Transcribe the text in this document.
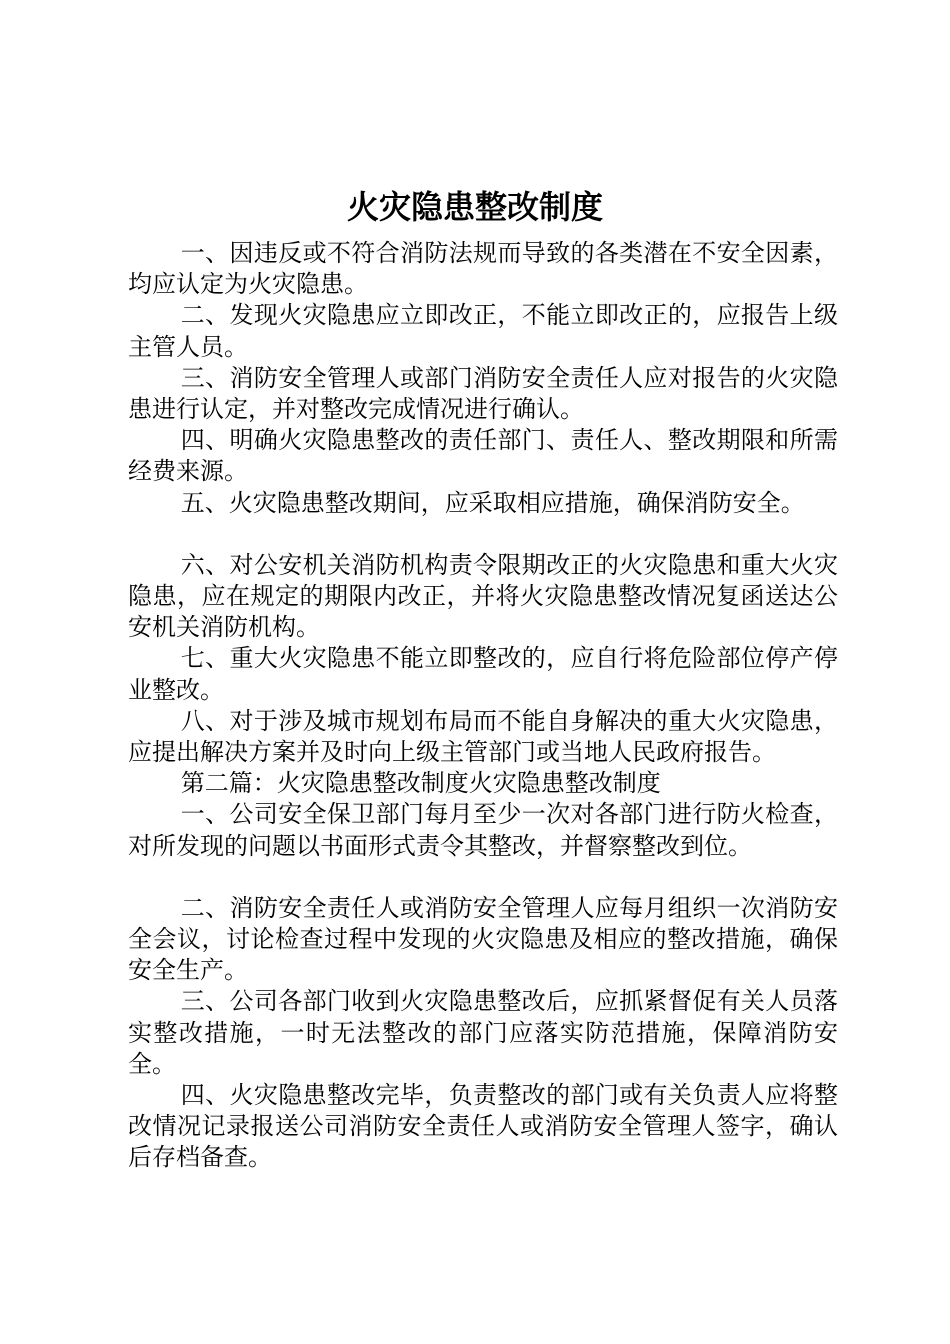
火灾隐患整改制度

一、因违反或不符合消防法规而导致的各类潜在不安全因素，均应认定为火灾隐患。

二、发现火灾隐患应立即改正，不能立即改正的，应报告上级主管人员。

三、消防安全管理人或部门消防安全责任人应对报告的火灾隐患进行认定，并对整改完成情况进行确认。

四、明确火灾隐患整改的责任部门、责任人、整改期限和所需经费来源。

五、火灾隐患整改期间，应采取相应措施，确保消防安全。

六、对公安机关消防机构责令限期改正的火灾隐患和重大火灾隐患，应在规定的期限内改正，并将火灾隐患整改情况复函送达公安机关消防机构。

七、重大火灾隐患不能立即整改的，应自行将危险部位停产停业整改。

八、对于涉及城市规划布局而不能自身解决的重大火灾隐患，应提出解决方案并及时向上级主管部门或当地人民政府报告。

第二篇：火灾隐患整改制度火灾隐患整改制度

一、公司安全保卫部门每月至少一次对各部门进行防火检查，对所发现的问题以书面形式责令其整改，并督察整改到位。

二、消防安全责任人或消防安全管理人应每月组织一次消防安全会议，讨论检查过程中发现的火灾隐患及相应的整改措施，确保安全生产。

三、公司各部门收到火灾隐患整改后，应抓紧督促有关人员落实整改措施，一时无法整改的部门应落实防范措施，保障消防安全。

四、火灾隐患整改完毕，负责整改的部门或有关负责人应将整改情况记录报送公司消防安全责任人或消防安全管理人签字，确认后存档备查。
